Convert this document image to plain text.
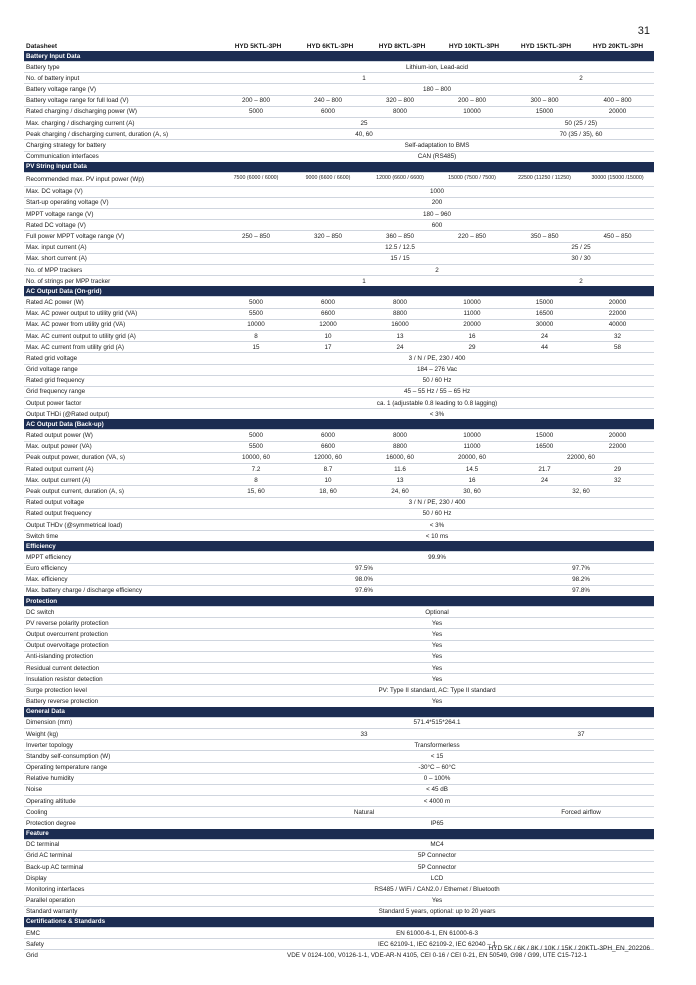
31
Datasheet	HYD 5KTL-3PH	HYD 6KTL-3PH	HYD 8KTL-3PH	HYD 10KTL-3PH	HYD 15KTL-3PH	HYD 20KTL-3PH
Battery Input Data						
Battery type	Lithium-ion, Lead-acid					
No. of battery input	1				2	
Battery voltage range (V)	180 – 800					
Battery voltage range for full load (V)	200 – 800	240 – 800	320 – 800	200 – 800	300 – 800	400 – 800
Rated charging / discharging power (W)	5000	6000	8000	10000	15000	20000
Max. charging / discharging current (A)	25				50 (25 / 25)	
Peak charging / discharging current, duration (A, s)	40, 60				70 (35 / 35), 60	
Charging strategy for battery	Self-adaptation to BMS					
Communication interfaces	CAN (RS485)					
PV String Input Data						
Recommended max. PV input power (Wp)	7500 (6000 / 6000)	9000 (6600 / 6600)	12000 (6600 / 6600)	15000 (7500 / 7500)	22500 (11250 / 11250)	30000 (15000 /15000)
Max. DC voltage (V)	1000					
Start-up operating voltage (V)	200					
MPPT voltage range (V)	180 – 960					
Rated DC voltage (V)	600					
Full power MPPT voltage range (V)	250 – 850	320 – 850	360 – 850	220 – 850	350 – 850	450 – 850
Max. input current (A)		12.5 / 12.5			25 / 25	
Max. short current (A)		15 / 15			30 / 30	
No. of MPP trackers	2					
No. of strings per MPP tracker	1				2	
AC Output Data (On-grid)						
Rated AC power (W)	5000	6000	8000	10000	15000	20000
Max. AC power output to utility grid (VA)	5500	6600	8800	11000	16500	22000
Max. AC power from utility grid (VA)	10000	12000	16000	20000	30000	40000
Max. AC current output to utility grid (A)	8	10	13	16	24	32
Max. AC current from utility grid (A)	15	17	24	29	44	58
Rated grid voltage	3 / N / PE, 230 / 400					
Grid voltage range	184 – 276 Vac					
Rated grid frequency	50 / 60 Hz					
Grid frequency range	45 – 55 Hz / 55 – 65 Hz					
Output power factor	ca. 1 (adjustable 0.8 leading to 0.8 lagging)					
Output THDi (@Rated output)	< 3%					
AC Output Data (Back-up)						
Rated output power (W)	5000	6000	8000	10000	15000	20000
Max. output power (VA)	5500	6600	8800	11000	16500	22000
Peak output power, duration (VA, s)	10000, 60	12000, 60	16000, 60	20000, 60	22000, 60	
Rated output current (A)	7.2	8.7	11.6	14.5	21.7	29
Max. output current (A)	8	10	13	16	24	32
Peak output current, duration (A, s)	15, 60	18, 60	24, 60	30, 60	32, 60	
Rated output voltage	3 / N / PE, 230 / 400					
Rated output frequency	50 / 60 Hz					
Output THDv (@symmetrical load)	< 3%					
Switch time	< 10 ms					
Efficiency						
MPPT efficiency	99.9%					
Euro efficiency	97.5%				97.7%	
Max. efficiency	98.0%				98.2%	
Max. battery charge / discharge efficiency	97.6%				97.8%	
Protection						
DC switch	Optional					
PV reverse polarity protection	Yes					
Output overcurrent protection	Yes					
Output overvoltage protection	Yes					
Anti-islanding protection	Yes					
Residual current detection	Yes					
Insulation resistor detection	Yes					
Surge protection level	PV: Type II standard, AC: Type II standard					
Battery reverse protection	Yes					
General Data						
Dimension (mm)	571.4*515*264.1					
Weight (kg)	33				37	
Inverter topology	Transformerless					
Standby self-consumption (W)	< 15					
Operating temperature range	-30°C – 60°C					
Relative humidity	0 – 100%					
Noise	< 45 dB					
Operating altitude	< 4000 m					
Cooling	Natural				Forced airflow	
Protection degree	IP65					
Feature						
DC terminal	MC4					
Grid AC terminal	5P Connector					
Back-up AC terminal	5P Connector					
Display	LCD					
Monitoring interfaces	RS485 / WiFi / CAN2.0 / Ethernet / Bluetooth					
Parallel operation	Yes					
Standard warranty	Standard 5 years, optional: up to 20 years					
Certifications & Standards						
EMC	EN 61000-6-1, EN 61000-6-3					
Safety	IEC 62109-1, IEC 62109-2, IEC 62040 – 1					
Grid	VDE V 0124-100, V0126-1-1, VDE-AR-N 4105, CEI 0-16 / CEI 0-21, EN 50549, G98 / G99, UTE C15-712-1					
HYD 5K / 6K / 8K / 10K / 15K / 20KTL-3PH_EN_202206
